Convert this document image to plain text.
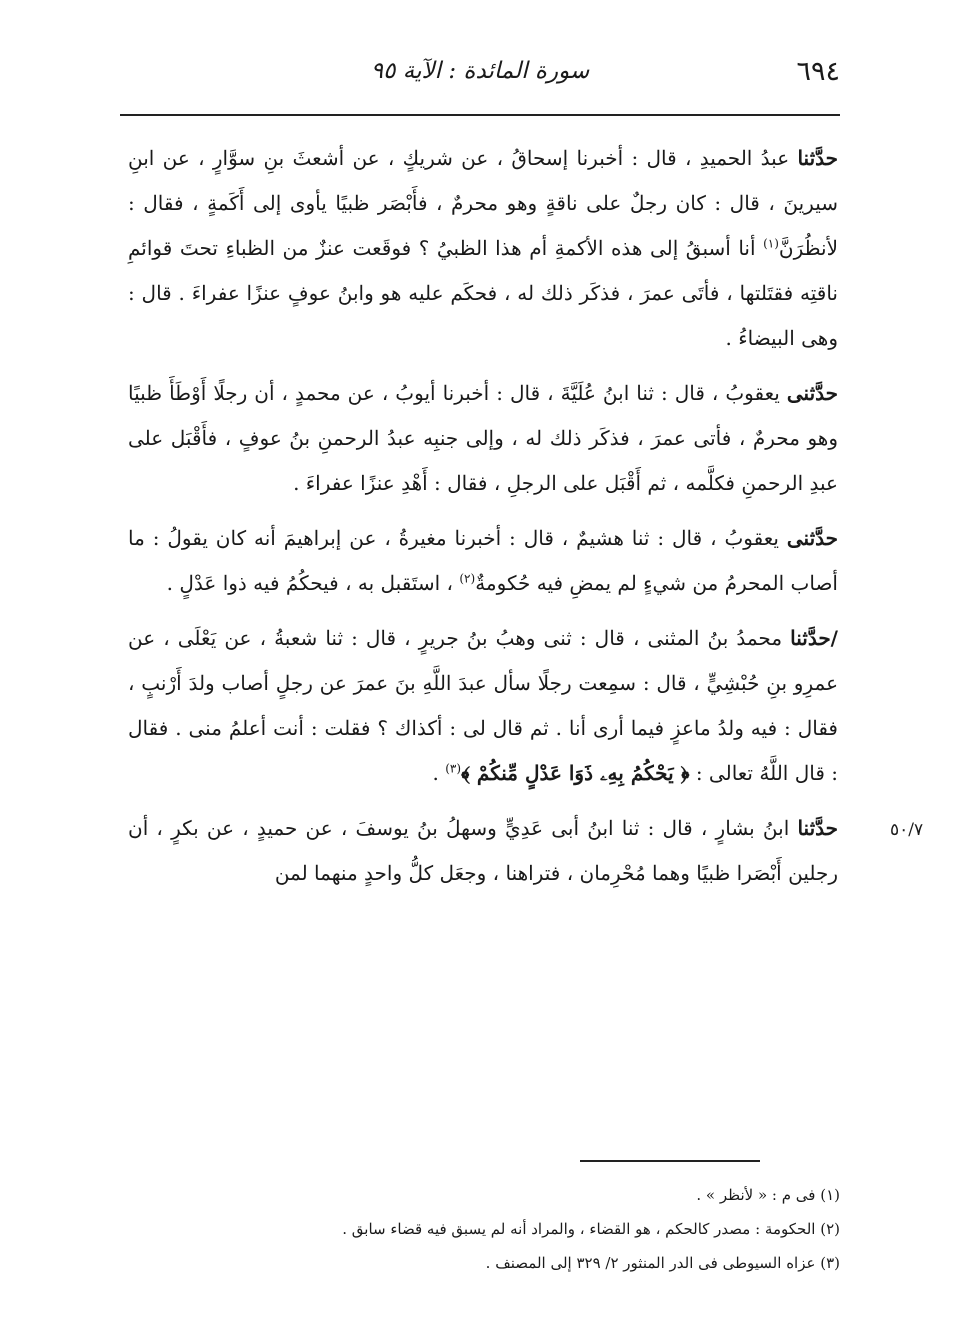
٦٩٤
سورة المائدة : الآية ٩٥
٥٠/٧

حدَّثنا عبدُ الحميدِ ، قال : أخبرنا إسحاقُ ، عن شريكٍ ، عن أشعثَ بنِ سوَّارٍ ، عن ابنِ سيرينَ ، قال : كان رجلٌ على ناقةٍ وهو محرمٌ ، فأَبْصَر ظبيًا يأوى إلى أَكَمةٍ ، فقال : لأنظُرَنَّ$^{(١)}$ أنا أسبقُ إلى هذه الأكمةِ أم هذا الظبيُ ؟ فوقَعت عنزٌ من الظباءِ تحتَ قوائمِ ناقتِه فقتَلتها ، فأتَى عمرَ ، فذكَر ذلك له ، فحكَم عليه هو وابنُ عوفٍ عنزًا عفراءَ . قال : وهى البيضاءُ .

حدَّثنى يعقوبُ ، قال : ثنا ابنُ عُلَيَّةَ ، قال : أخبرنا أيوبُ ، عن محمدٍ ، أن رجلًا أَوْطَأَ ظبيًا وهو محرمٌ ، فأتى عمرَ ، فذكَر ذلك له ، وإلى جنبِه عبدُ الرحمنِ بنُ عوفٍ ، فأَقْبَل على عبدِ الرحمنِ فكلَّمه ، ثم أَقْبَل على الرجلِ ، فقال : أَهْدِ عنزًا عفراءَ .

حدَّثنى يعقوبُ ، قال : ثنا هشيمٌ ، قال : أخبرنا مغيرةُ ، عن إبراهيمَ أنه كان يقولُ : ما أصاب المحرمُ من شيءٍ لم يمضِ فيه حُكومةٌ$^{(٢)}$ ، استَقبل به ، فيحكُمُ فيه ذوا عَدْلٍ .

/حدَّثنا محمدُ بنُ المثنى ، قال : ثنى وهبُ بنُ جريرٍ ، قال : ثنا شعبةُ ، عن يَعْلَى ، عن عمرِو بنِ حُبْشِيٍّ ، قال : سمِعت رجلًا سأل عبدَ اللَّهِ بنَ عمرَ عن رجلٍ أصاب ولدَ أَرْنبٍ ، فقال : فيه ولدُ ماعزٍ فيما أرى أنا . ثم قال لى : أكذاك ؟ فقلت : أنت أعلمُ منى . فقال : قال اللَّهُ تعالى : ﴿ يَحْكُمُ بِهِۦ ذَوَا عَدْلٍ مِّنكُمْ ﴾$^{(٣)}$ .

حدَّثنا ابنُ بشارٍ ، قال : ثنا ابنُ أبى عَدِيٍّ وسهلُ بنُ يوسفَ ، عن حميدٍ ، عن بكرٍ ، أن رجلين أَبْصَرا ظبيًا وهما مُحْرِمان ، فتراهنا ، وجعَل كلُّ واحدٍ منهما لمن

(١) فى م : « لأنظر » .

(٢) الحكومة : مصدر كالحكم ، هو القضاء ، والمراد أنه لم يسبق فيه قضاء سابق .

(٣) عزاه السيوطى فى الدر المنثور ٢/ ٣٢٩ إلى المصنف .
